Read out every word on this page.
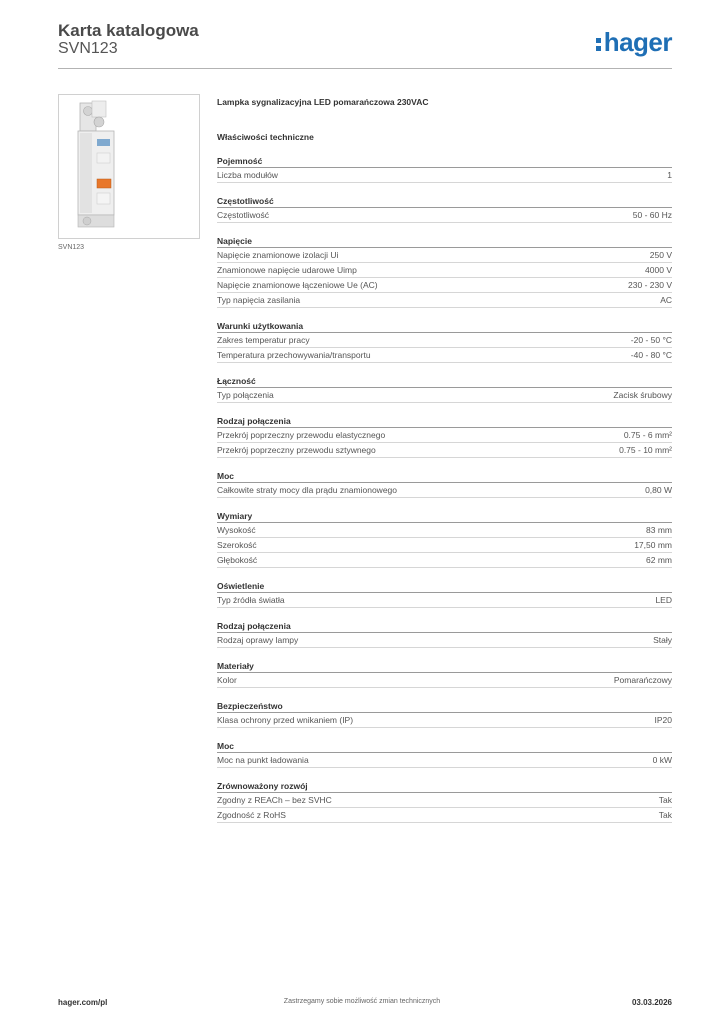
Karta katalogowa
SVN123	hager
SVN123
Lampka sygnalizacyjna LED pomarańczowa 230VAC
Właściwości techniczne
Pojemność
Liczba modułów	1
Częstotliwość
Częstotliwość	50 - 60 Hz
Napięcie
Napięcie znamionowe izolacji Ui	250 V
Znamionowe napięcie udarowe Uimp	4000 V
Napięcie znamionowe łączeniowe Ue (AC)	230 - 230 V
Typ napięcia zasilania	AC
Warunki użytkowania
Zakres temperatur pracy	-20 - 50 °C
Temperatura przechowywania/transportu	-40 - 80 °C
Łączność
Typ połączenia	Zacisk śrubowy
Rodzaj połączenia
Przekrój poprzeczny przewodu elastycznego	0.75 - 6 mm²
Przekrój poprzeczny przewodu sztywnego	0.75 - 10 mm²
Moc
Całkowite straty mocy dla prądu znamionowego	0,80 W
Wymiary
Wysokość	83 mm
Szerokość	17,50 mm
Głębokość	62 mm
Oświetlenie
Typ źródła światła	LED
Rodzaj połączenia
Rodzaj oprawy lampy	Stały
Materiały
Kolor	Pomarańczowy
Bezpieczeństwo
Klasa ochrony przed wnikaniem (IP)	IP20
Moc
Moc na punkt ładowania	0 kW
Zrównoważony rozwój
Zgodny z REACh – bez SVHC	Tak
Zgodność z RoHS	Tak
hager.com/pl	Zastrzegamy sobie możliwość zmian technicznych	03.03.2026
